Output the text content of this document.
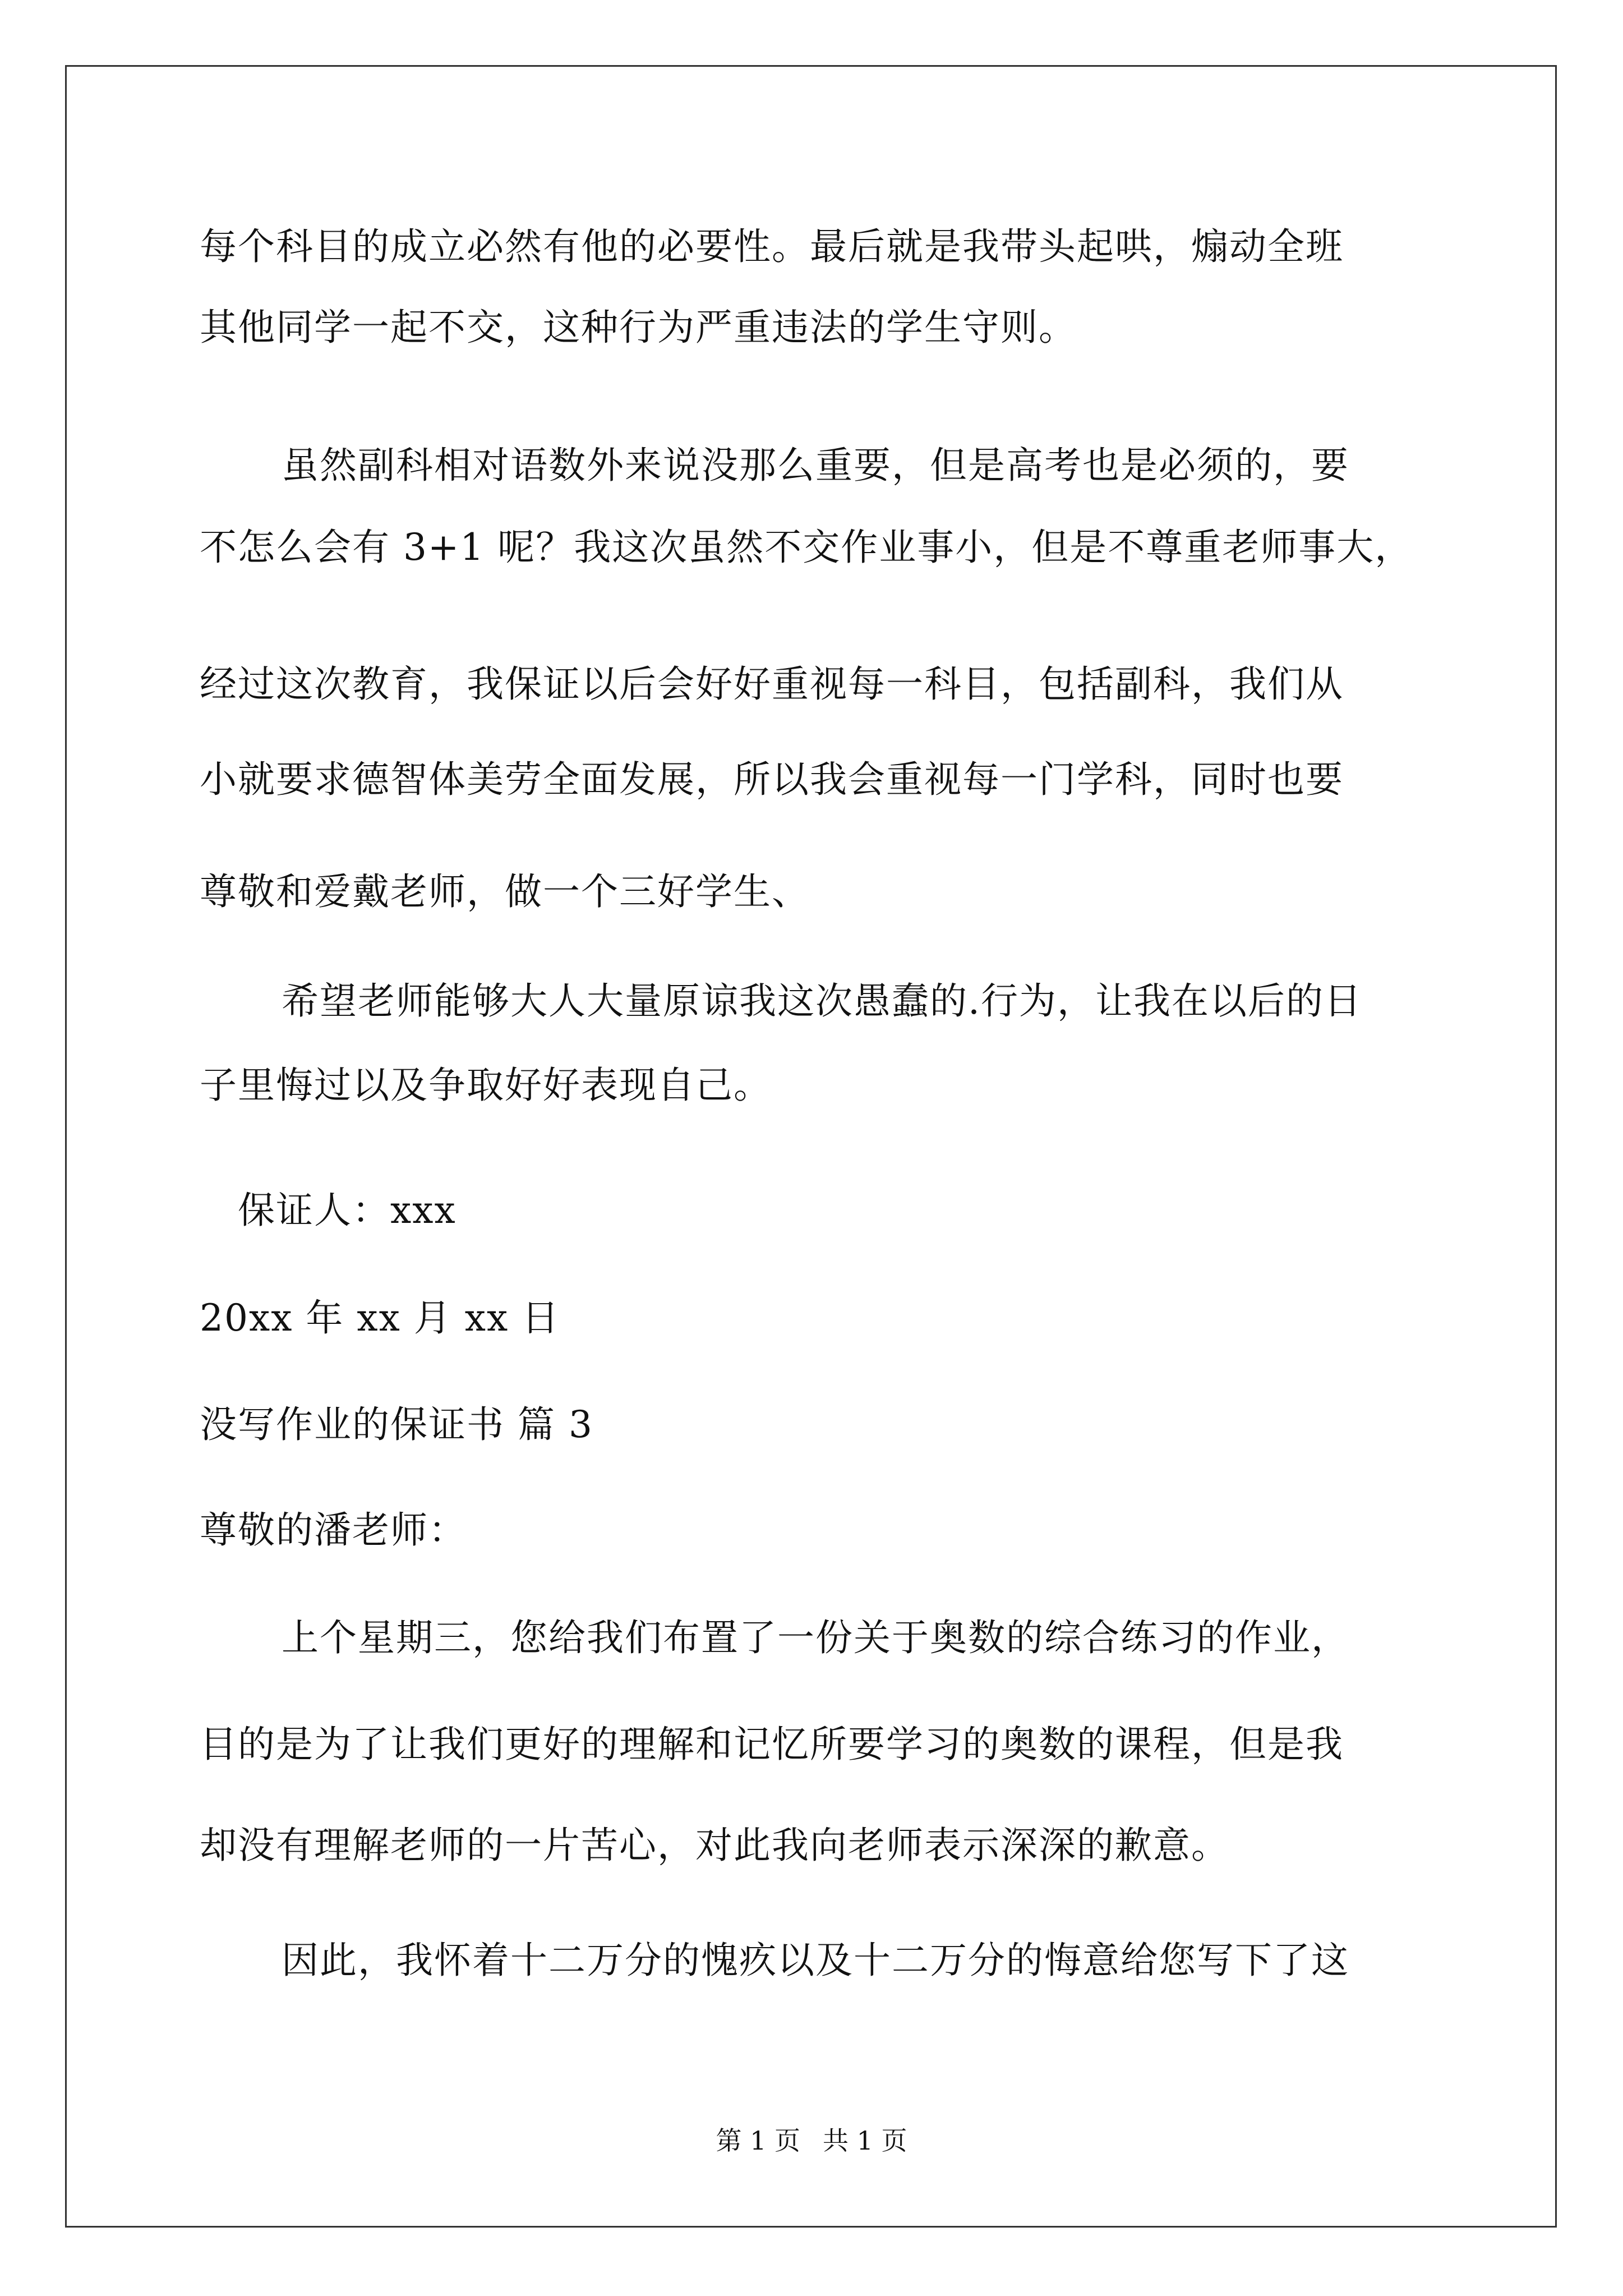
每个科目的成立必然有他的必要性。最后就是我带头起哄，煽动全班
其他同学一起不交，这种行为严重违法的学生守则。
虽然副科相对语数外来说没那么重要，但是高考也是必须的，要
不怎么会有 3+1 呢？我这次虽然不交作业事小，但是不尊重老师事大，
经过这次教育，我保证以后会好好重视每一科目，包括副科，我们从
小就要求德智体美劳全面发展，所以我会重视每一门学科，同时也要
尊敬和爱戴老师，做一个三好学生、
希望老师能够大人大量原谅我这次愚蠢的.行为，让我在以后的日
子里悔过以及争取好好表现自己。
保证人：xxx
20xx 年 xx 月 xx 日
没写作业的保证书 篇 3
尊敬的潘老师：
上个星期三，您给我们布置了一份关于奥数的综合练习的作业，
目的是为了让我们更好的理解和记忆所要学习的奥数的课程，但是我
却没有理解老师的一片苦心，对此我向老师表示深深的歉意。
因此，我怀着十二万分的愧疚以及十二万分的悔意给您写下了这
第 1 页 共 1 页
